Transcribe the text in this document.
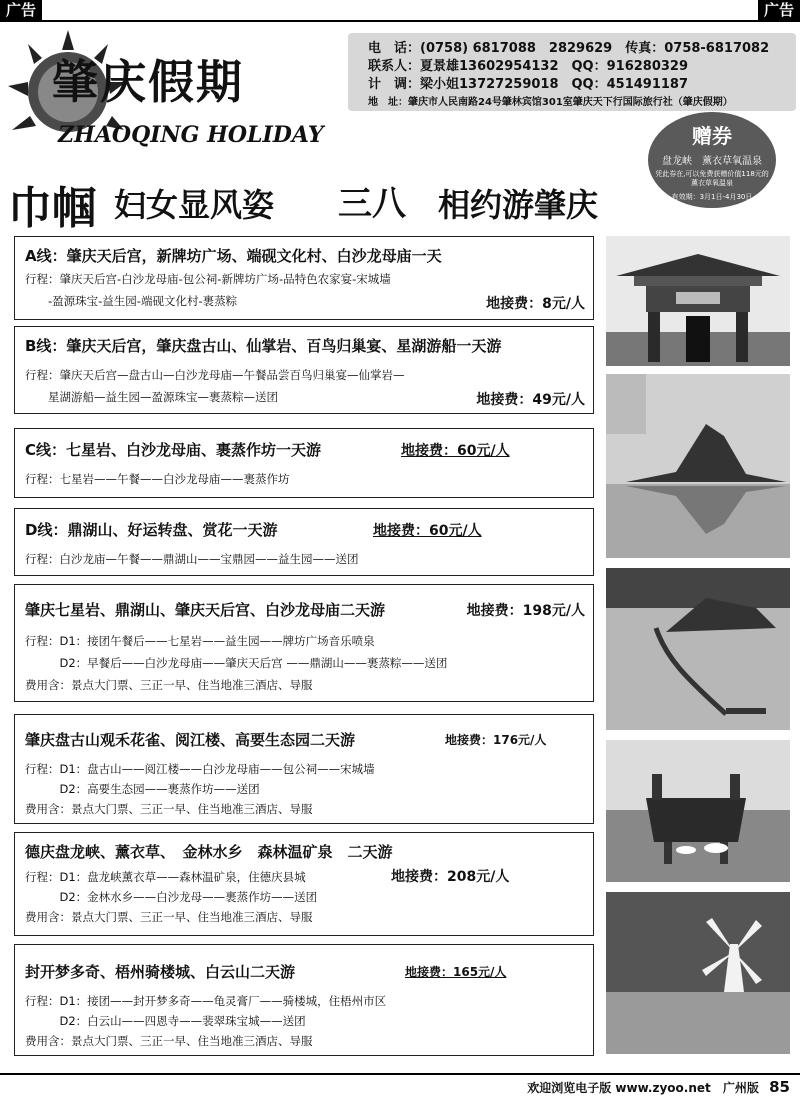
广告	广告
肇庆假期
ZHAOQING HOLIDAY
电　话：(0758) 6817088　2829629　传真：0758-6817082
联系人：夏景雄13602954132　QQ：916280329
计　调：梁小姐13727259018　QQ：451491187
地　址：肇庆市人民南路24号肇林宾馆301室肇庆天下行国际旅行社（肇庆假期）
赠券
盘龙峡　薰衣草氧温泉
凭此券在,可以免费获赠价值118元的薰衣草氧温泉
有效期：3月1日-4月30日
巾帼 妇女显风姿 三八 相约游肇庆
A线：肇庆天后宫，新牌坊广场、端砚文化村、白沙龙母庙一天
行程：肇庆天后宫-白沙龙母庙-包公祠-新牌坊广场-品特色农家宴-宋城墙
　　-盈源珠宝-益生园-端砚文化村-裹蒸粽	地接费：8元/人
B线：肇庆天后宫，肇庆盘古山、仙掌岩、百鸟归巢宴、星湖游船一天游
行程：肇庆天后宫—盘古山—白沙龙母庙—午餐品尝百鸟归巢宴—仙掌岩—
　　星湖游船—益生园—盈源珠宝—裹蒸粽—送团	地接费：49元/人
C线：七星岩、白沙龙母庙、裹蒸作坊一天游	地接费：60元/人
行程：七星岩——午餐——白沙龙母庙——裹蒸作坊
D线：鼎湖山、好运转盘、赏花一天游	地接费：60元/人
行程：白沙龙庙—午餐——鼎湖山——宝鼎园——益生园——送团
肇庆七星岩、鼎湖山、肇庆天后宫、白沙龙母庙二天游	地接费：198元/人
行程：D1：接团午餐后——七星岩——益生园——牌坊广场音乐喷泉
　　　D2：早餐后——白沙龙母庙——肇庆天后宫 ——鼎湖山——裹蒸粽——送团
费用含：景点大门票、三正一早、住当地准三酒店、导服
肇庆盘古山观禾花雀、阅江楼、高要生态园二天游	地接费：176元/人
行程：D1：盘古山——阅江楼——白沙龙母庙——包公祠——宋城墙
　　　D2：高要生态园——裹蒸作坊——送团
费用含：景点大门票、三正一早、住当地准三酒店、导服
德庆盘龙峡、薰衣草、　金林水乡　森林温矿泉　二天游
行程：D1：盘龙峡薰衣草——森林温矿泉，住德庆县城	地接费：208元/人
　　　D2：金林水乡——白沙龙母——裹蒸作坊——送团
费用含：景点大门票、三正一早、住当地准三酒店、导服
封开梦多奇、梧州骑楼城、白云山二天游	地接费：165元/人
行程：D1：接团——封开梦多奇——龟灵膏厂——骑楼城，住梧州市区
　　　D2：白云山——四恩寺——裴翠珠宝城——送团
费用含：景点大门票、三正一早、住当地准三酒店、导服
欢迎浏览电子版 www.zyoo.net 广州版 85
